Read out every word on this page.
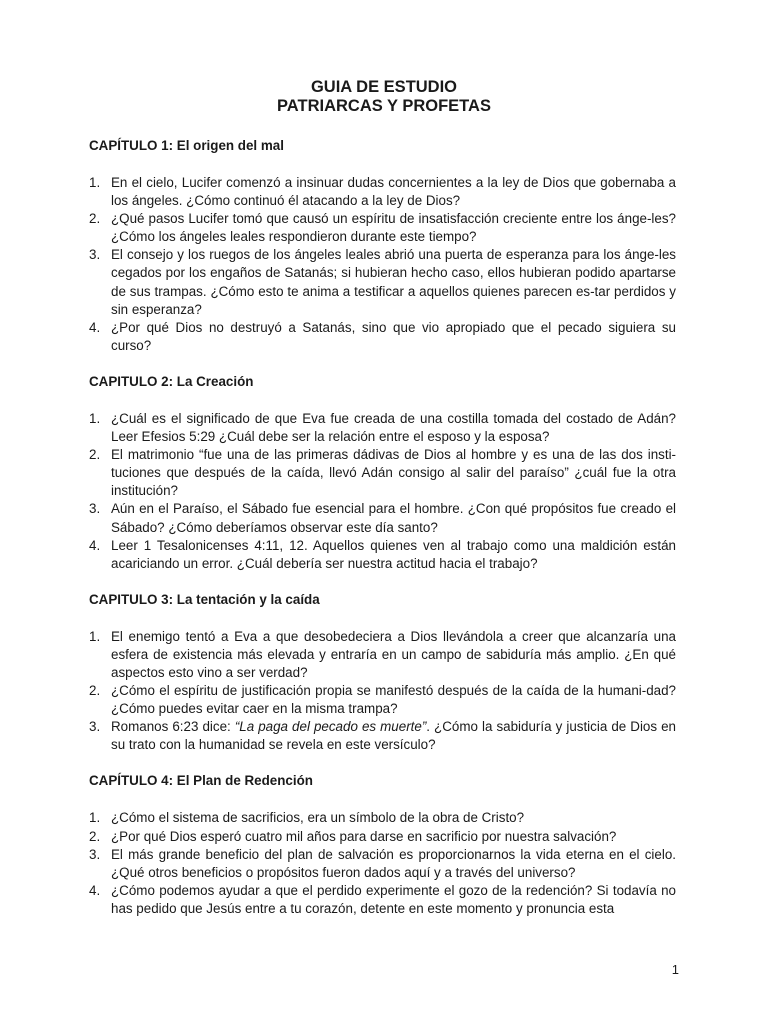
GUIA DE ESTUDIO
PATRIARCAS Y PROFETAS
CAPÍTULO 1: El origen del mal
1. En el cielo, Lucifer comenzó a insinuar dudas concernientes a la ley de Dios que gobernaba a los ángeles. ¿Cómo continuó él atacando a la ley de Dios?
2. ¿Qué pasos Lucifer tomó que causó un espíritu de insatisfacción creciente entre los ánge-les? ¿Cómo los ángeles leales respondieron durante este tiempo?
3. El consejo y los ruegos de los ángeles leales abrió una puerta de esperanza para los ánge-les cegados por los engaños de Satanás; si hubieran hecho caso, ellos hubieran podido apartarse de sus trampas. ¿Cómo esto te anima a testificar a aquellos quienes parecen es-tar perdidos y sin esperanza?
4. ¿Por qué Dios no destruyó a Satanás, sino que vio apropiado que el pecado siguiera su curso?
CAPITULO 2: La Creación
1. ¿Cuál es el significado de que Eva fue creada de una costilla tomada del costado de Adán? Leer Efesios 5:29 ¿Cuál debe ser la relación entre el esposo y la esposa?
2. El matrimonio “fue una de las primeras dádivas de Dios al hombre y es una de las dos insti-tuciones que después de la caída, llevó Adán consigo al salir del paraíso” ¿cuál fue la otra institución?
3. Aún en el Paraíso, el Sábado fue esencial para el hombre. ¿Con qué propósitos fue creado el Sábado? ¿Cómo deberíamos observar este día santo?
4. Leer 1 Tesalonicenses 4:11, 12. Aquellos quienes ven al trabajo como una maldición están acariciando un error. ¿Cuál debería ser nuestra actitud hacia el trabajo?
CAPITULO 3: La tentación y la caída
1. El enemigo tentó a Eva a que desobedeciera a Dios llevándola a creer que alcanzaría una esfera de existencia más elevada y entraría en un campo de sabiduría más amplio. ¿En qué aspectos esto vino a ser verdad?
2. ¿Cómo el espíritu de justificación propia se manifestó después de la caída de la humani-dad? ¿Cómo puedes evitar caer en la misma trampa?
3. Romanos 6:23 dice: “La paga del pecado es muerte”. ¿Cómo la sabiduría y justicia de Dios en su trato con la humanidad se revela en este versículo?
CAPÍTULO 4: El Plan de Redención
1. ¿Cómo el sistema de sacrificios, era un símbolo de la obra de Cristo?
2. ¿Por qué Dios esperó cuatro mil años para darse en sacrificio por nuestra salvación?
3. El más grande beneficio del plan de salvación es proporcionarnos la vida eterna en el cielo. ¿Qué otros beneficios o propósitos fueron dados aquí y a través del universo?
4. ¿Cómo podemos ayudar a que el perdido experimente el gozo de la redención? Si todavía no has pedido que Jesús entre a tu corazón, detente en este momento y pronuncia esta
1
